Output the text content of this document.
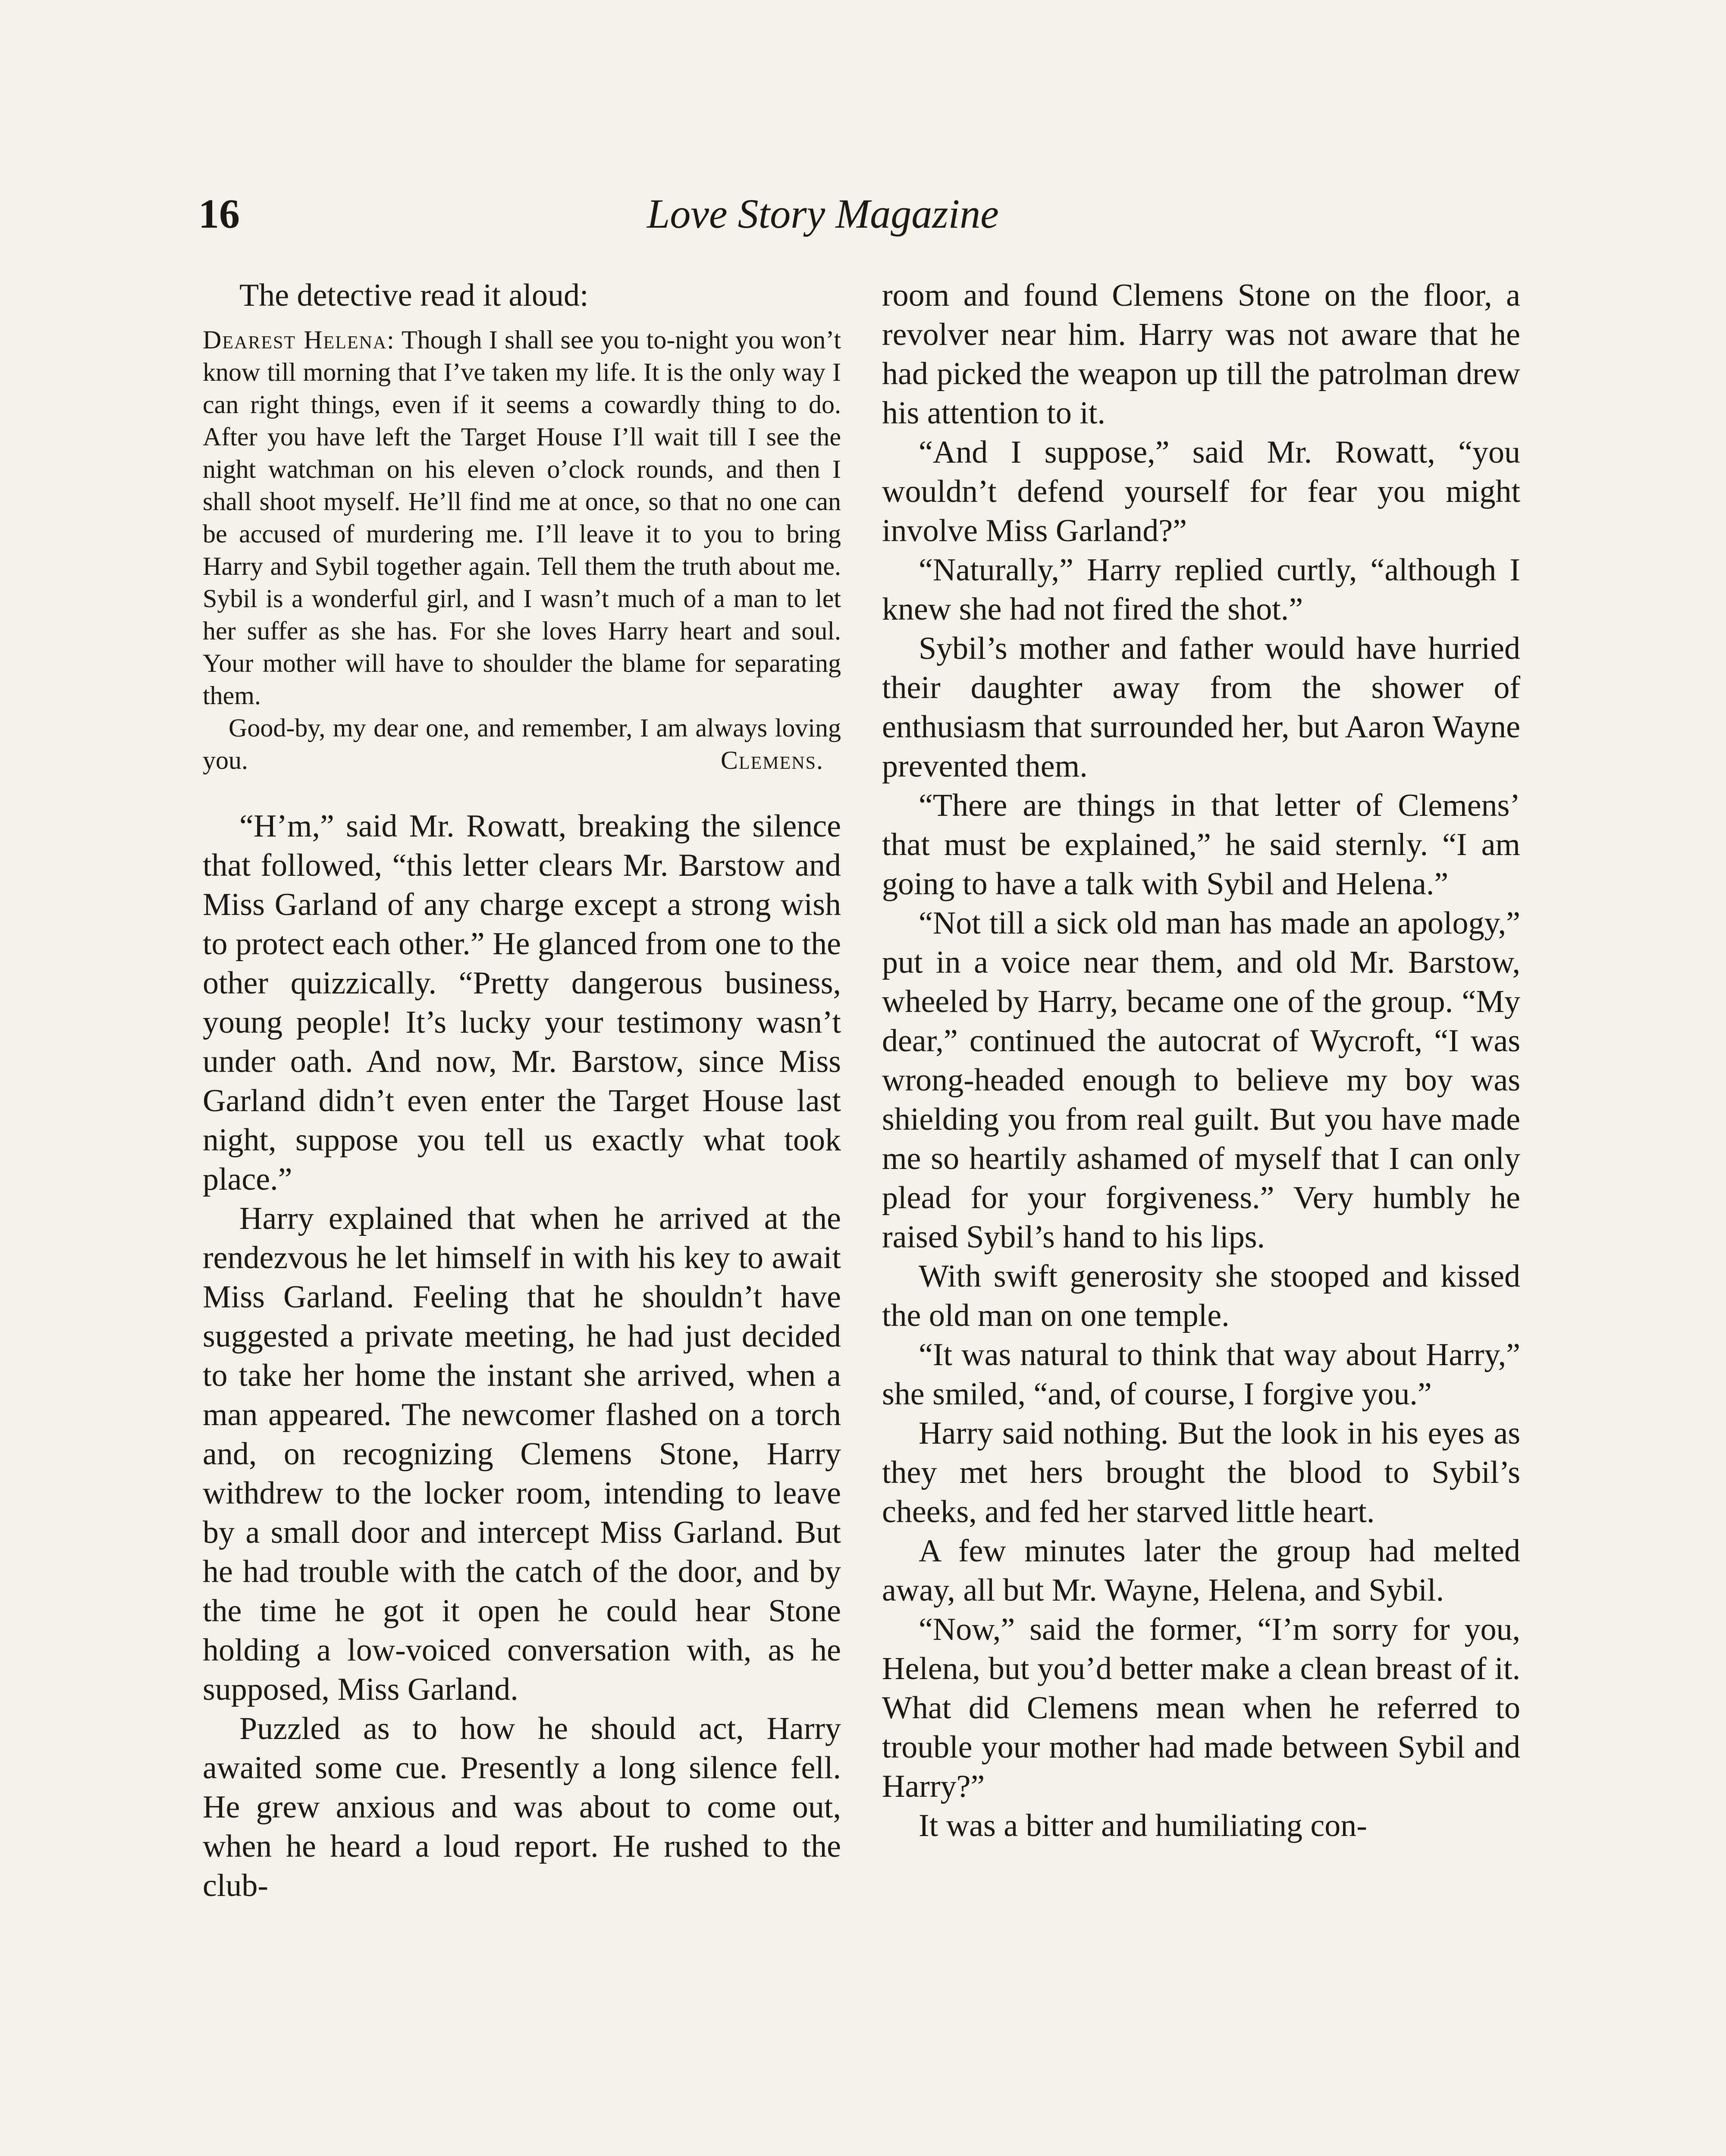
16	Love Story Magazine

The detective read it aloud:

Dearest Helena: Though I shall see you to-night you won’t know till morning that I’ve taken my life. It is the only way I can right things, even if it seems a cowardly thing to do. After you have left the Target House I’ll wait till I see the night watchman on his eleven o’clock rounds, and then I shall shoot myself. He’ll find me at once, so that no one can be accused of murdering me. I’ll leave it to you to bring Harry and Sybil together again. Tell them the truth about me. Sybil is a wonderful girl, and I wasn’t much of a man to let her suffer as she has. For she loves Harry heart and soul. Your mother will have to shoulder the blame for separating them.

Good-by, my dear one, and remember, I am always loving you.	Clemens.

“H’m,” said Mr. Rowatt, breaking the silence that followed, “this letter clears Mr. Barstow and Miss Garland of any charge except a strong wish to protect each other.” He glanced from one to the other quizzically. “Pretty dangerous business, young people! It’s lucky your testimony wasn’t under oath. And now, Mr. Barstow, since Miss Garland didn’t even enter the Target House last night, suppose you tell us exactly what took place.”

Harry explained that when he arrived at the rendezvous he let himself in with his key to await Miss Garland. Feeling that he shouldn’t have suggested a private meeting, he had just decided to take her home the instant she arrived, when a man appeared. The newcomer flashed on a torch and, on recognizing Clemens Stone, Harry withdrew to the locker room, intending to leave by a small door and intercept Miss Garland. But he had trouble with the catch of the door, and by the time he got it open he could hear Stone holding a low-voiced conversation with, as he supposed, Miss Garland.

Puzzled as to how he should act, Harry awaited some cue. Presently a long silence fell. He grew anxious and was about to come out, when he heard a loud report. He rushed to the club-

room and found Clemens Stone on the floor, a revolver near him. Harry was not aware that he had picked the weapon up till the patrolman drew his attention to it.

“And I suppose,” said Mr. Rowatt, “you wouldn’t defend yourself for fear you might involve Miss Garland?”

“Naturally,” Harry replied curtly, “although I knew she had not fired the shot.”

Sybil’s mother and father would have hurried their daughter away from the shower of enthusiasm that surrounded her, but Aaron Wayne prevented them.

“There are things in that letter of Clemens’ that must be explained,” he said sternly. “I am going to have a talk with Sybil and Helena.”

“Not till a sick old man has made an apology,” put in a voice near them, and old Mr. Barstow, wheeled by Harry, became one of the group. “My dear,” continued the autocrat of Wycroft, “I was wrong-headed enough to believe my boy was shielding you from real guilt. But you have made me so heartily ashamed of myself that I can only plead for your forgiveness.” Very humbly he raised Sybil’s hand to his lips.

With swift generosity she stooped and kissed the old man on one temple.

“It was natural to think that way about Harry,” she smiled, “and, of course, I forgive you.”

Harry said nothing. But the look in his eyes as they met hers brought the blood to Sybil’s cheeks, and fed her starved little heart.

A few minutes later the group had melted away, all but Mr. Wayne, Helena, and Sybil.

“Now,” said the former, “I’m sorry for you, Helena, but you’d better make a clean breast of it. What did Clemens mean when he referred to trouble your mother had made between Sybil and Harry?”

It was a bitter and humiliating con-
